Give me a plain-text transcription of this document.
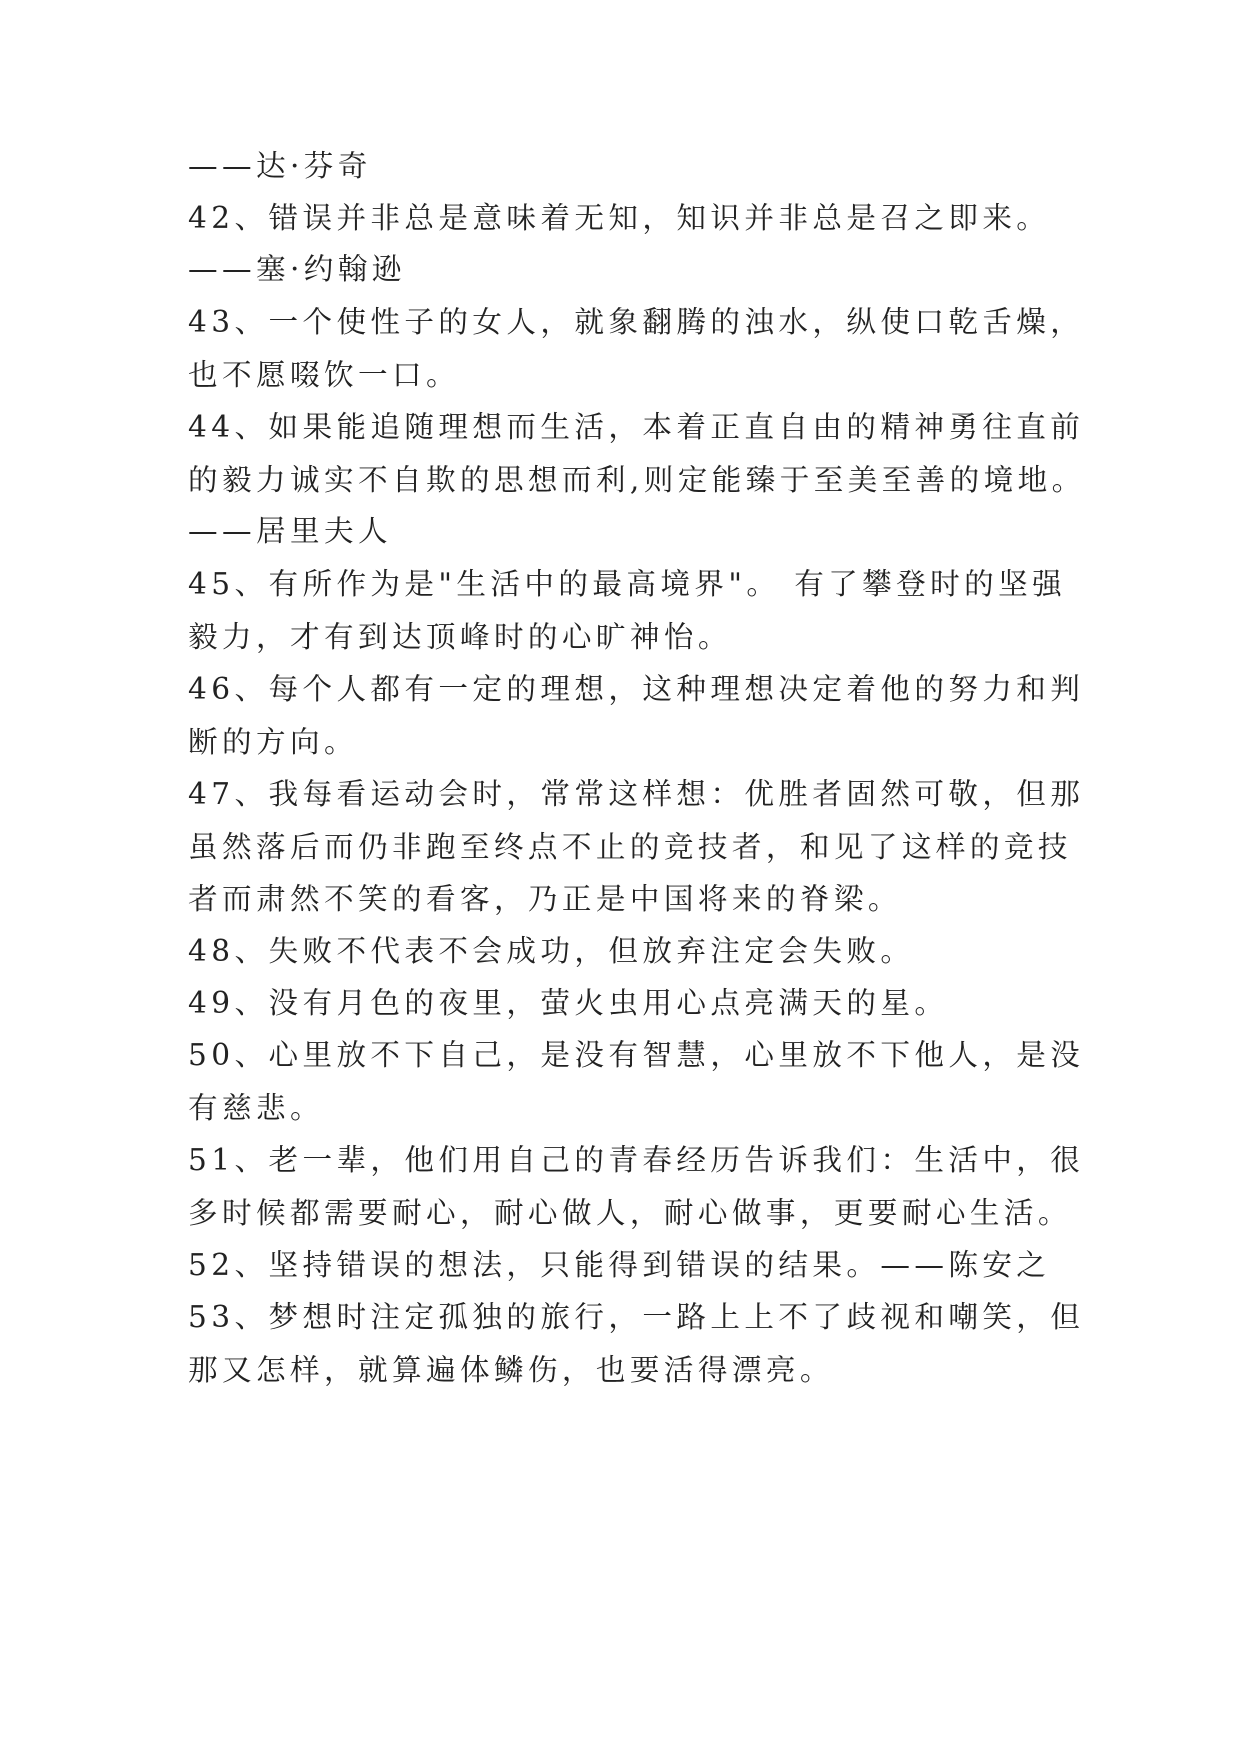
——达·芬奇
42、错误并非总是意味着无知，知识并非总是召之即来。
——塞·约翰逊
43、一个使性子的女人，就象翻腾的浊水，纵使口乾舌燥，
也不愿啜饮一口。
44、如果能追随理想而生活，本着正直自由的精神勇往直前
的毅力诚实不自欺的思想而利,则定能臻于至美至善的境地。
——居里夫人
45、有所作为是"生活中的最高境界"。 有了攀登时的坚强
毅力，才有到达顶峰时的心旷神怡。
46、每个人都有一定的理想，这种理想决定着他的努力和判
断的方向。
47、我每看运动会时，常常这样想：优胜者固然可敬，但那
虽然落后而仍非跑至终点不止的竞技者，和见了这样的竞技
者而肃然不笑的看客，乃正是中国将来的脊梁。
48、失败不代表不会成功，但放弃注定会失败。
49、没有月色的夜里，萤火虫用心点亮满天的星。
50、心里放不下自己，是没有智慧，心里放不下他人，是没
有慈悲。
51、老一辈，他们用自己的青春经历告诉我们：生活中，很
多时候都需要耐心，耐心做人，耐心做事，更要耐心生活。
52、坚持错误的想法，只能得到错误的结果。——陈安之
53、梦想时注定孤独的旅行，一路上上不了歧视和嘲笑，但
那又怎样，就算遍体鳞伤，也要活得漂亮。
